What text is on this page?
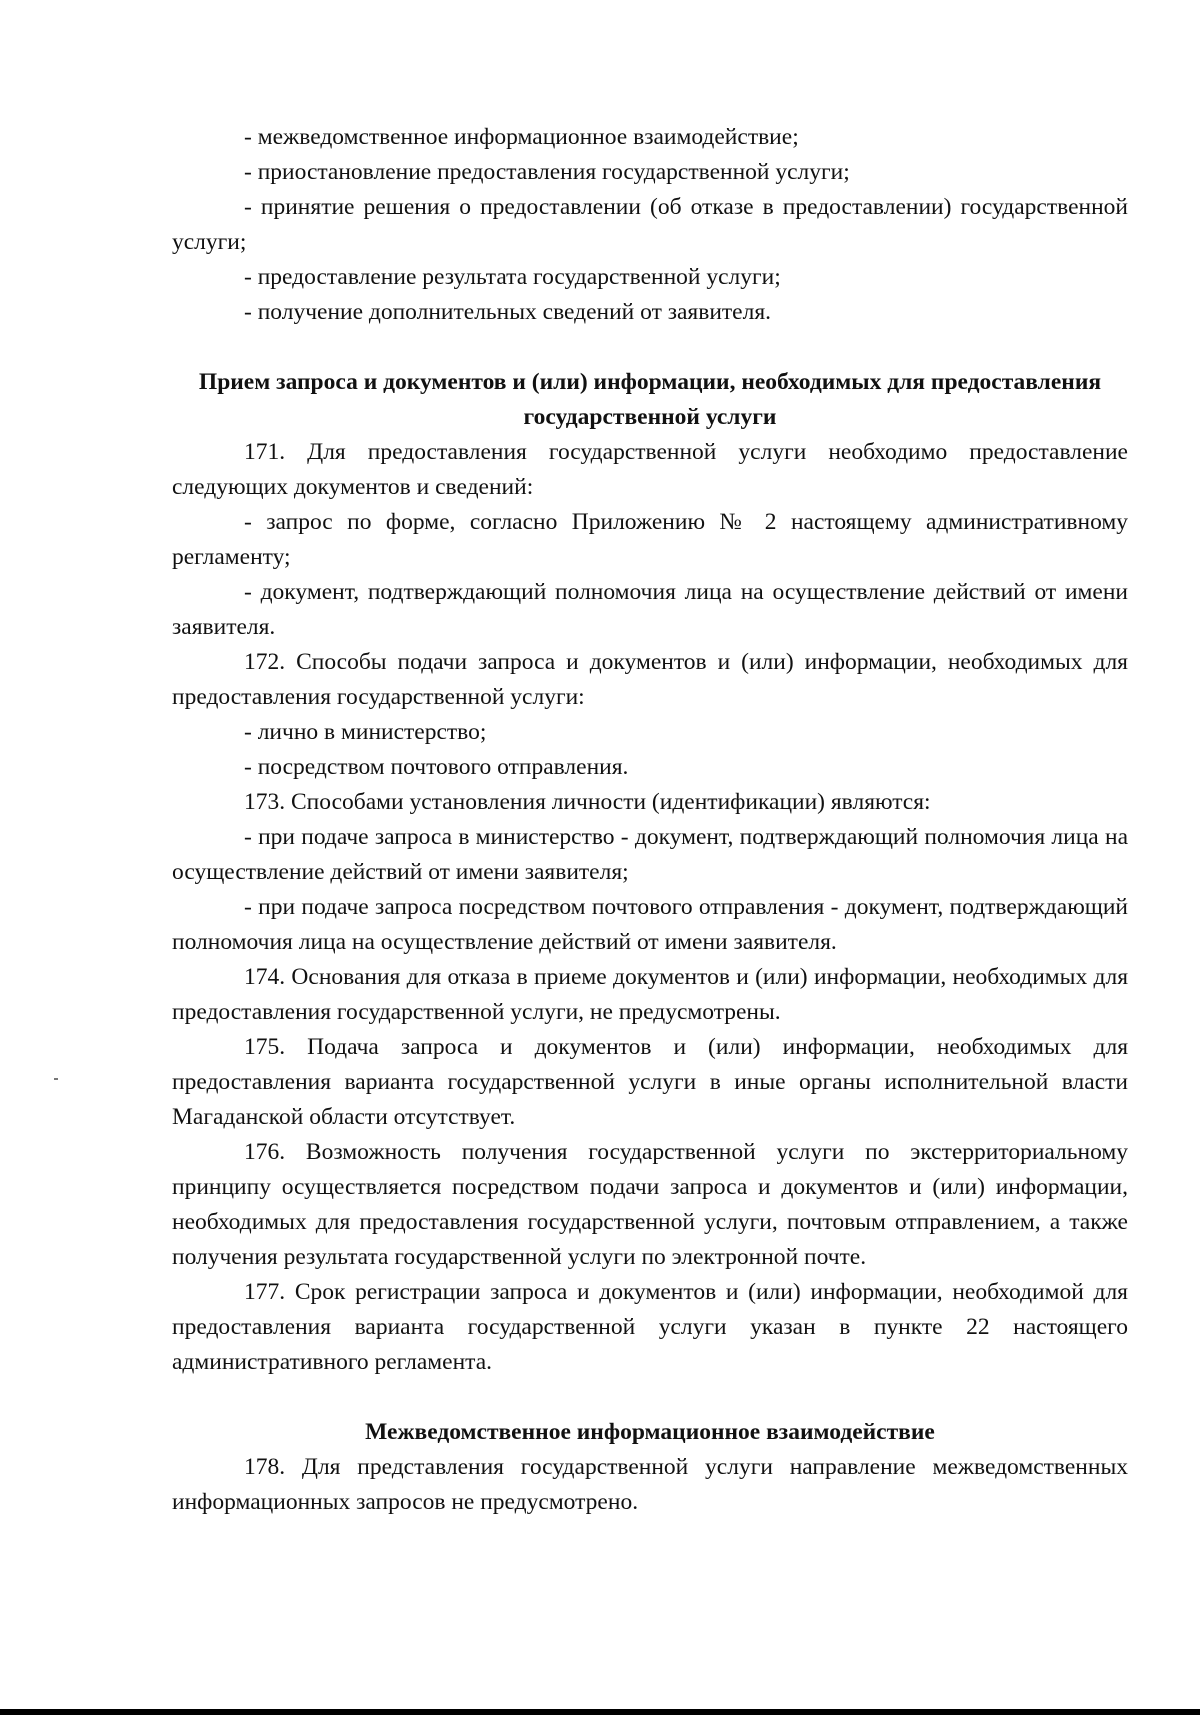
- межведомственное информационное взаимодействие;

- приостановление предоставления государственной услуги;

- принятие решения о предоставлении (об отказе в предоставлении) государственной услуги;

- предоставление результата государственной услуги;

- получение дополнительных сведений от заявителя.

Прием запроса и документов и (или) информации, необходимых для предоставления государственной услуги

171. Для предоставления государственной услуги необходимо предоставление следующих документов и сведений:

- запрос по форме, согласно Приложению № 2 настоящему административному регламенту;

- документ, подтверждающий полномочия лица на осуществление действий от имени заявителя.

172. Способы подачи запроса и документов и (или) информации, необходимых для предоставления государственной услуги:

- лично в министерство;

- посредством почтового отправления.

173. Способами установления личности (идентификации) являются:

- при подаче запроса в министерство - документ, подтверждающий полномочия лица на осуществление действий от имени заявителя;

- при подаче запроса посредством почтового отправления - документ, подтверждающий полномочия лица на осуществление действий от имени заявителя.

174. Основания для отказа в приеме документов и (или) информации, необходимых для предоставления государственной услуги, не предусмотрены.

175. Подача запроса и документов и (или) информации, необходимых для предоставления варианта государственной услуги в иные органы исполнительной власти Магаданской области отсутствует.

176. Возможность получения государственной услуги по экстерриториальному принципу осуществляется посредством подачи запроса и документов и (или) информации, необходимых для предоставления государственной услуги, почтовым отправлением, а также получения результата государственной услуги по электронной почте.

177. Срок регистрации запроса и документов и (или) информации, необходимой для предоставления варианта государственной услуги указан в пункте 22 настоящего административного регламента.

Межведомственное информационное взаимодействие

178. Для представления государственной услуги направление межведомственных информационных запросов не предусмотрено.
